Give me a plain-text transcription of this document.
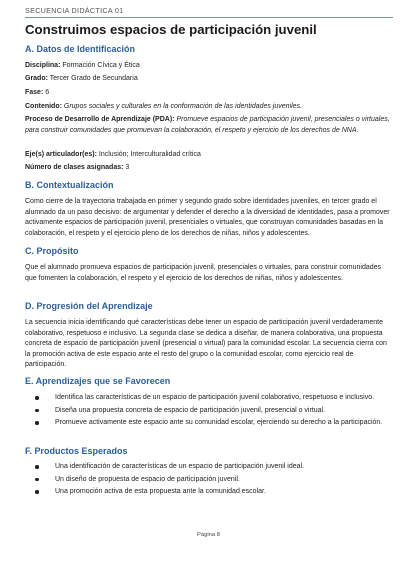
SECUENCIA DIDÁCTICA 01
Construimos espacios de participación juvenil
A. Datos de Identificación

Disciplina: Formación Cívica y Ética

Grado: Tercer Grado de Secundaria

Fase: 6

Contenido: Grupos sociales y culturales en la conformación de las identidades juveniles.

Proceso de Desarrollo de Aprendizaje (PDA): Promueve espacios de participación juvenil, presenciales o virtuales, para construir comunidades que promuevan la colaboración, el respeto y ejercicio de los derechos de NNA.

Eje(s) articulador(es): Inclusión; Interculturalidad crítica

Número de clases asignadas: 3

B. Contextualización

Como cierre de la trayectoria trabajada en primer y segundo grado sobre identidades juveniles, en tercer grado el alumnado da un paso decisivo: de argumentar y defender el derecho a la diversidad de identidades, pasa a promover activamente espacios de participación juvenil, presenciales o virtuales, que construyan comunidades basadas en la colaboración, el respeto y el ejercicio pleno de los derechos de niñas, niños y adolescentes.

C. Propósito

Que el alumnado promueva espacios de participación juvenil, presenciales o virtuales, para construir comunidades que fomenten la colaboración, el respeto y el ejercicio de los derechos de niñas, niños y adolescentes.

D. Progresión del Aprendizaje

La secuencia inicia identificando qué características debe tener un espacio de participación juvenil verdaderamente colaborativo, respetuoso e inclusivo. La segunda clase se dedica a diseñar, de manera colaborativa, una propuesta concreta de espacio de participación juvenil (presencial o virtual) para la comunidad escolar. La secuencia cierra con la promoción activa de este espacio ante el resto del grupo o la comunidad escolar, como ejercicio real de participación.

E. Aprendizajes que se Favorecen
Identifica las características de un espacio de participación juvenil colaborativo, respetuoso e inclusivo.
Diseña una propuesta concreta de espacio de participación juvenil, presencial o virtual.
Promueve activamente este espacio ante su comunidad escolar, ejerciendo su derecho a la participación.
F. Productos Esperados
Una identificación de características de un espacio de participación juvenil ideal.
Un diseño de propuesta de espacio de participación juvenil.
Una promoción activa de esta propuesta ante la comunidad escolar.
Página 8
